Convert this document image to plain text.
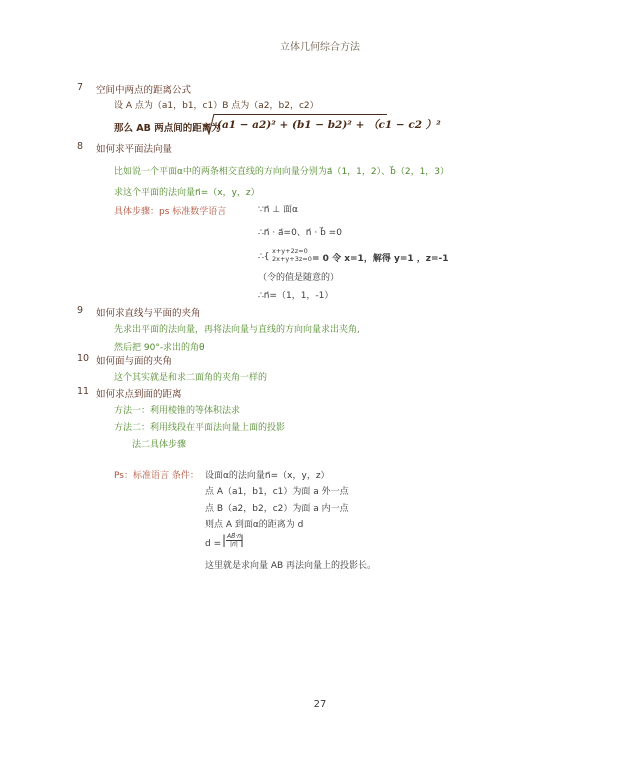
立体几何综合方法
7 空间中两点的距离公式
设 A 点为（a1，b1，c1）B 点为（a2，b2，c2）
那么 AB 两点间的距离为
(a1 − a2)² + (b1 − b2)² + （c1 − c2 ）²
8 如何求平面法向量
比如说一个平面α中的两条相交直线的方向向量分别为a⃗（1，1，2）、b⃗（2，1，3）
求这个平面的法向量n⃗=（x，y，z）
具体步骤：ps 标准数学语言	∵n⃗ ⊥ 面α
∴n⃗ · a⃗=0、n⃗ · b⃗ =0
∴{
x+y+2z=0
2x+y+3z=0 = 0 令 x=1，解得 y=1 ，z=-1
（令的值是随意的）
∴n⃗=（1，1，-1）
9 如何求直线与平面的夹角
先求出平面的法向量，再将法向量与直线的方向向量求出夹角,
然后把 90°-求出的角θ
10 如何面与面的夹角
这个其实就是和求二面角的夹角一样的
11 如何求点到面的距离
方法一：利用棱锥的等体积法求
方法二：利用线段在平面法向量上面的投影
法二具体步骤
Ps：标准语言 条件： 设面α的法向量n⃗=（x，y，z）
点 A（a1，b1，c1）为面 a 外一点
点 B（a2，b2，c2）为面 a 内一点
则点 A 到面α的距离为 d
d = | $\frac{AB⃗\cdot n⃗}{|n⃗|}$
|
这里就是求向量 AB 再法向量上的投影长。
27
